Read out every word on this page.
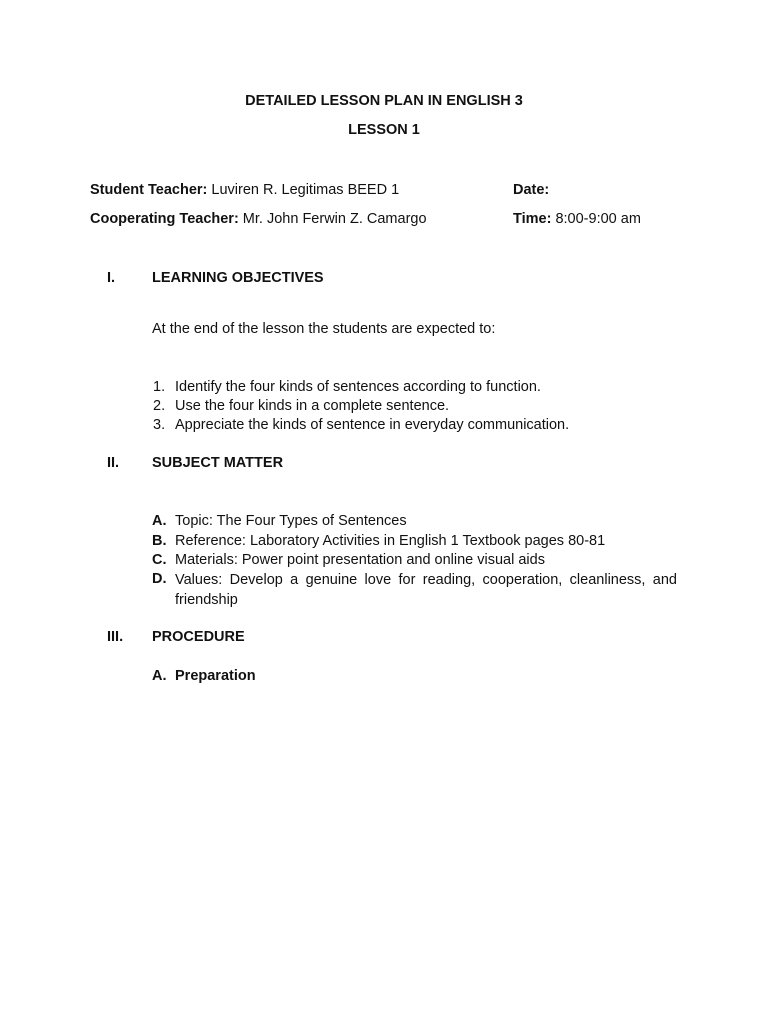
DETAILED LESSON PLAN IN ENGLISH 3
LESSON 1
Student Teacher: Luviren R. Legitimas BEED 1	Date:
Cooperating Teacher: Mr. John Ferwin Z. Camargo	Time: 8:00-9:00 am
I.	LEARNING OBJECTIVES
At the end of the lesson the students are expected to:
1. Identify the four kinds of sentences according to function.
2. Use the four kinds in a complete sentence.
3. Appreciate the kinds of sentence in everyday communication.
II. SUBJECT MATTER
A. Topic: The Four Types of Sentences
B. Reference: Laboratory Activities in English 1 Textbook pages 80-81
C. Materials: Power point presentation and online visual aids
D. Values: Develop a genuine love for reading, cooperation, cleanliness, and friendship
III. PROCEDURE
A. Preparation
